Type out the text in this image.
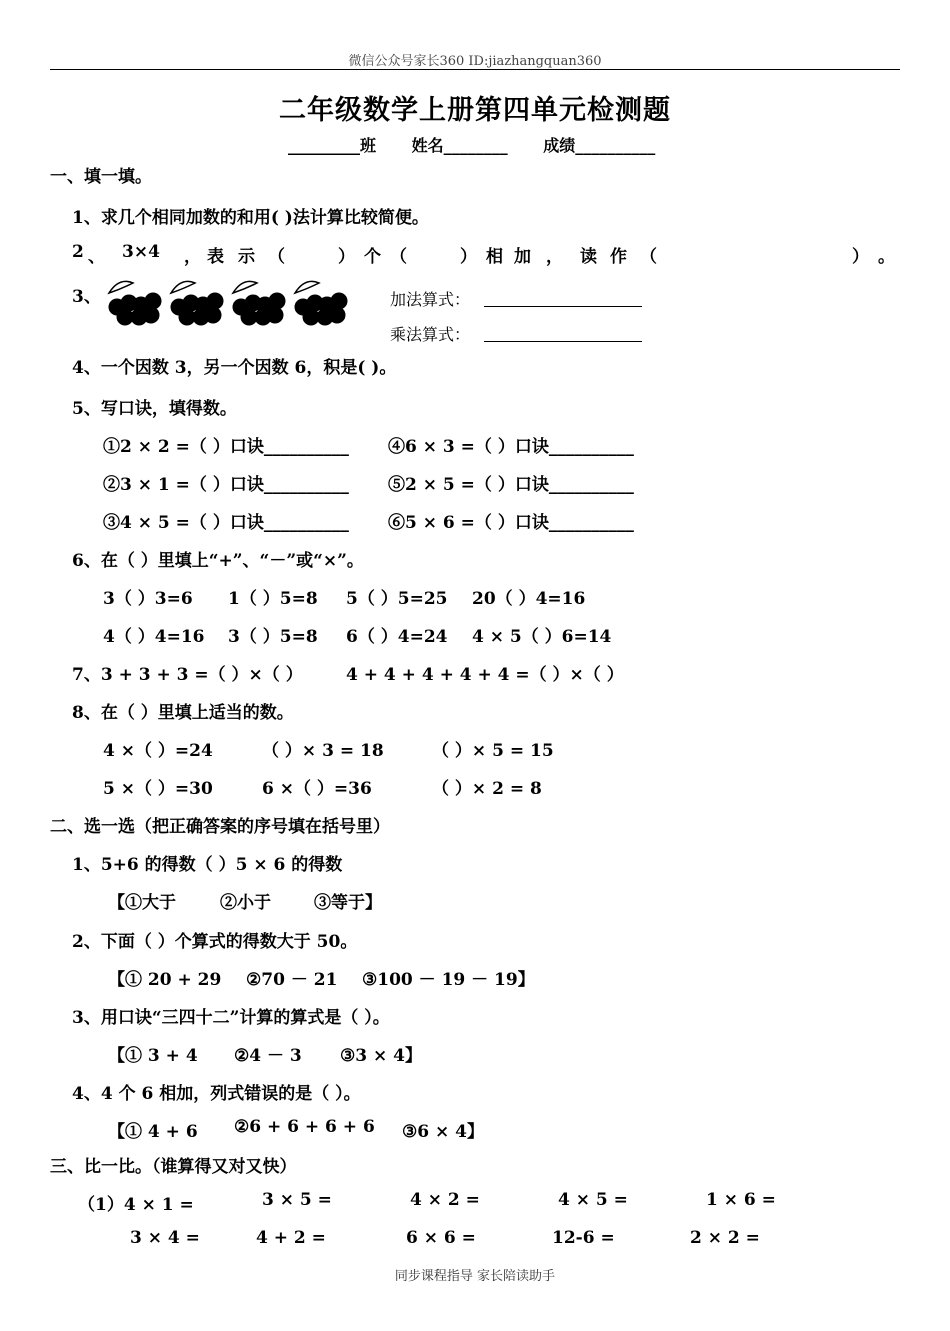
微信公众号家长360 ID:jiazhangquan360
二年级数学上册第四单元检测题
_________班 姓名________ 成绩__________
一、填一填。
1、求几个相同加数的和用( )法计算比较简便。
2 、 3×4 ， 表 示 （	） 个 （	） 相 加 ， 读 作 （	） 。
3、	加法算式：
乘法算式：
4、一个因数 3，另一个因数 6，积是( )。
5、写口诀，填得数。
①2 × 2 =（ ）口诀__________ ④6 × 3 =（ ）口诀__________
②3 × 1 =（ ）口诀__________ ⑤2 × 5 =（ ）口诀__________
③4 × 5 =（ ）口诀__________ ⑥5 × 6 =（ ）口诀__________
6、在（ ）里填上“+”、“－”或“×”。
3（ ）3=6 1（ ）5=8 5（ ）5=25 20（ ）4=16
4（ ）4=16 3（ ）5=8 6（ ）4=24 4 × 5（ ）6=14
7、3 + 3 + 3 =（ ）×（ ）	4 + 4 + 4 + 4 + 4 =（ ）×（ ）
8、在（ ）里填上适当的数。
4 ×（ ）=24	（ ）× 3 = 18	（ ）× 5 = 15
5 ×（ ）=30	6 ×（ ）=36	（ ）× 2 = 8
二、选一选（把正确答案的序号填在括号里）
1、5+6 的得数（ ）5 × 6 的得数
【①大于	②小于	③等于】
2、下面（ ）个算式的得数大于 50。
【① 20 + 29 ②70 － 21 ③100 － 19 － 19】
3、用口诀“三四十二”计算的算式是（ ）。
【① 3 + 4 ②4 － 3 ③3 × 4】
4、4 个 6 相加，列式错误的是（ ）。
【① 4 + 6 ②6 + 6 + 6 + 6 ③6 × 4】
三、比一比。（谁算得又对又快）
（1）4 × 1 =	3 × 5 =	4 × 2 =	4 × 5 =	1 × 6 =
3 × 4 =	4 + 2 =	6 × 6 =	12-6 =	2 × 2 =
同步课程指导 家长陪读助手
